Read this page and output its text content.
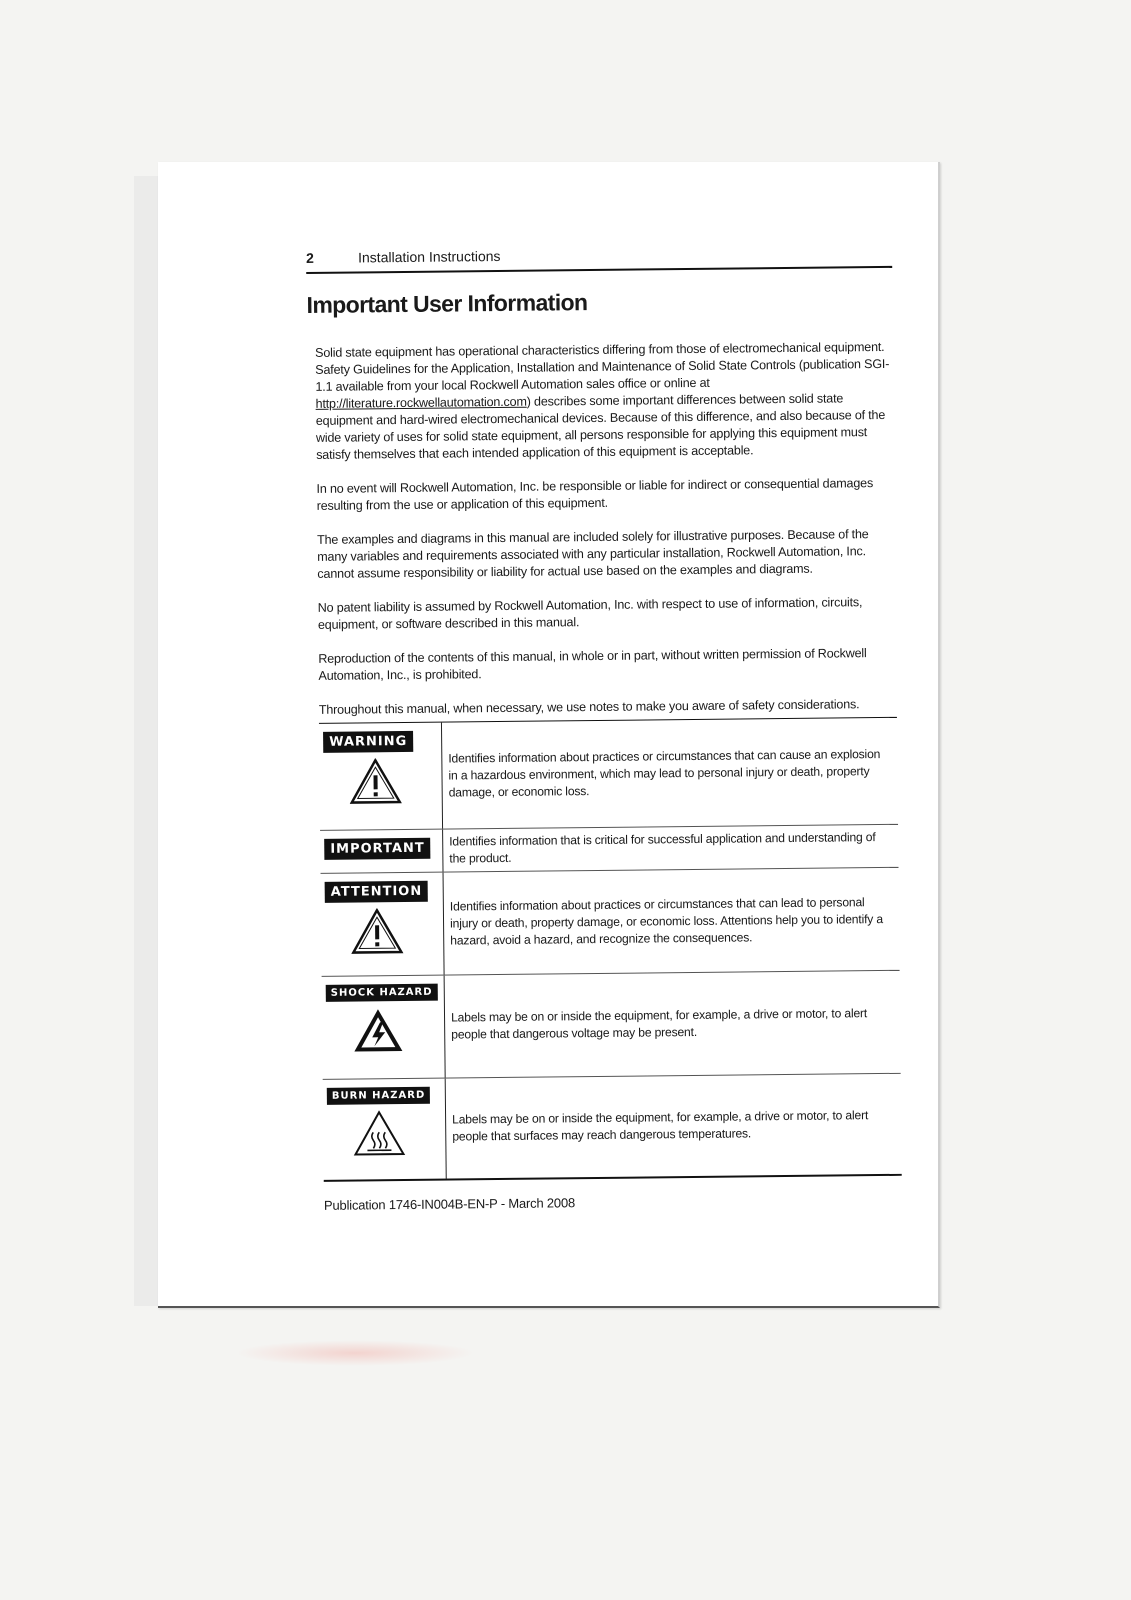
2	Installation Instructions
Important User Information

Solid state equipment has operational characteristics differing from those of electromechanical equipment. Safety Guidelines for the Application, Installation and Maintenance of Solid State Controls (publication SGI-1.1 available from your local Rockwell Automation sales office or online at http://literature.rockwellautomation.com) describes some important differences between solid state equipment and hard-wired electromechanical devices. Because of this difference, and also because of the wide variety of uses for solid state equipment, all persons responsible for applying this equipment must satisfy themselves that each intended application of this equipment is acceptable.

In no event will Rockwell Automation, Inc. be responsible or liable for indirect or consequential damages resulting from the use or application of this equipment.

The examples and diagrams in this manual are included solely for illustrative purposes. Because of the many variables and requirements associated with any particular installation, Rockwell Automation, Inc. cannot assume responsibility or liability for actual use based on the examples and diagrams.

No patent liability is assumed by Rockwell Automation, Inc. with respect to use of information, circuits, equipment, or software described in this manual.

Reproduction of the contents of this manual, in whole or in part, without written permission of Rockwell Automation, Inc., is prohibited.

Throughout this manual, when necessary, we use notes to make you aware of safety considerations.

WARNING
Identifies information about practices or circumstances that can cause an explosion in a hazardous environment, which may lead to personal injury or death, property damage, or economic loss.
IMPORTANT
Identifies information that is critical for successful application and understanding of the product.
ATTENTION
Identifies information about practices or circumstances that can lead to personal injury or death, property damage, or economic loss. Attentions help you to identify a hazard, avoid a hazard, and recognize the consequences.
SHOCK HAZARD
Labels may be on or inside the equipment, for example, a drive or motor, to alert people that dangerous voltage may be present.
BURN HAZARD
Labels may be on or inside the equipment, for example, a drive or motor, to alert people that surfaces may reach dangerous temperatures.
Publication 1746-IN004B-EN-P - March 2008
